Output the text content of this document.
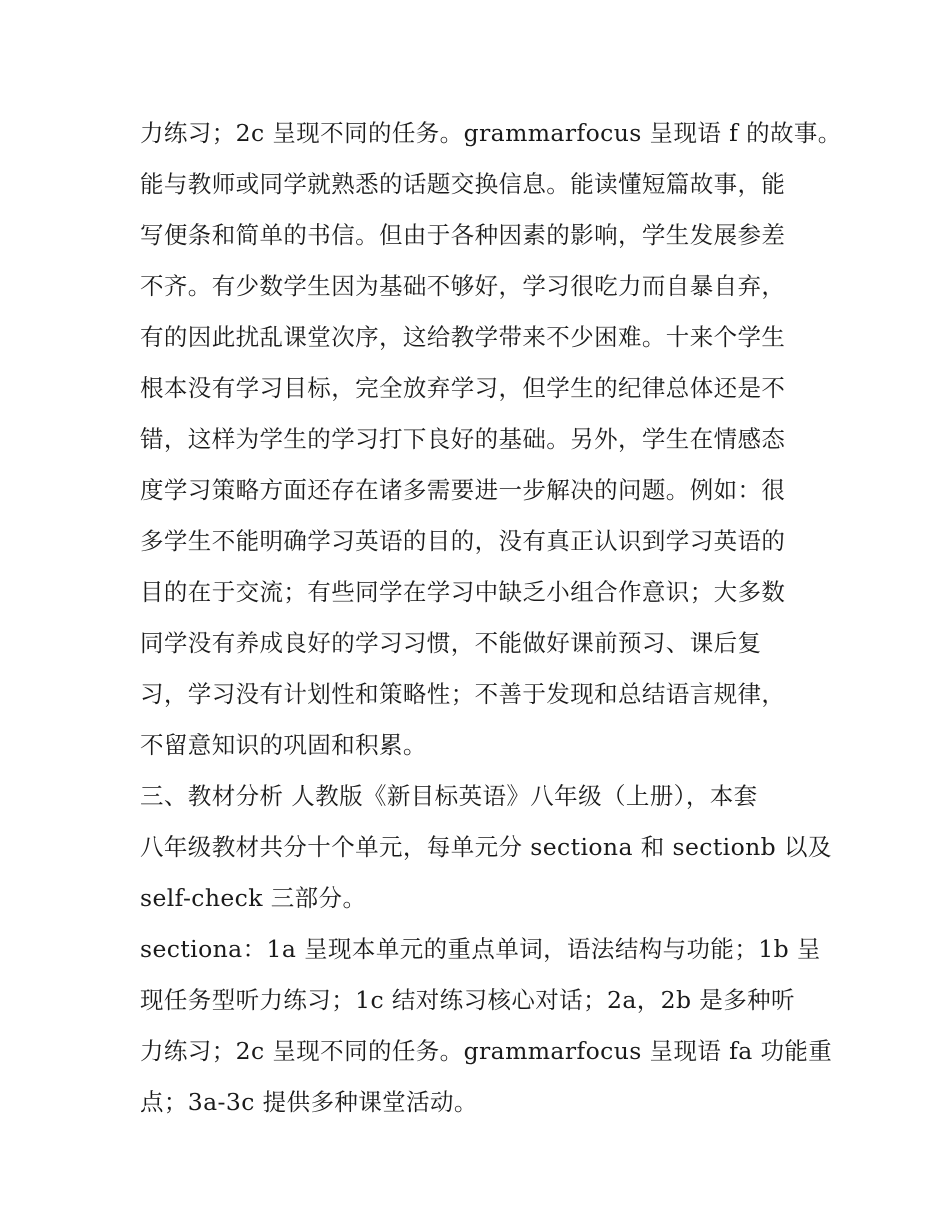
力练习；2c 呈现不同的任务。grammarfocus 呈现语 f 的故事。
能与教师或同学就熟悉的话题交换信息。能读懂短篇故事，能
写便条和简单的书信。但由于各种因素的影响，学生发展参差
不齐。有少数学生因为基础不够好，学习很吃力而自暴自弃，
有的因此扰乱课堂次序，这给教学带来不少困难。十来个学生
根本没有学习目标，完全放弃学习，但学生的纪律总体还是不
错，这样为学生的学习打下良好的基础。另外，学生在情感态
度学习策略方面还存在诸多需要进一步解决的问题。例如：很
多学生不能明确学习英语的目的，没有真正认识到学习英语的
目的在于交流；有些同学在学习中缺乏小组合作意识；大多数
同学没有养成良好的学习习惯，不能做好课前预习、课后复
习，学习没有计划性和策略性；不善于发现和总结语言规律，
不留意知识的巩固和积累。
三、教材分析 人教版《新目标英语》八年级（上册），本套
八年级教材共分十个单元，每单元分 sectiona 和 sectionb 以及
self-check 三部分。
sectiona：1a 呈现本单元的重点单词，语法结构与功能；1b 呈
现任务型听力练习；1c 结对练习核心对话；2a，2b 是多种听
力练习；2c 呈现不同的任务。grammarfocus 呈现语 fa 功能重
点；3a-3c 提供多种课堂活动。
